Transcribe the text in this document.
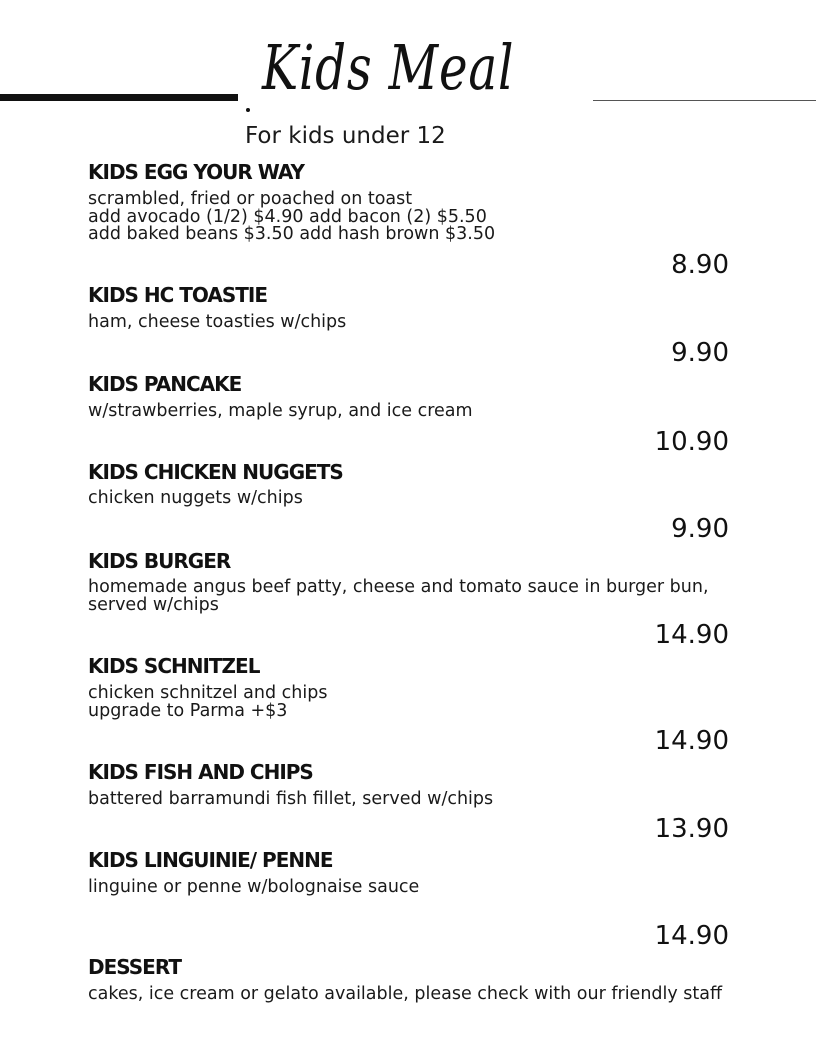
Kids Meal
For kids under 12
KIDS EGG YOUR WAY
scrambled, fried or poached on toast
add avocado (1/2) $4.90 add bacon (2) $5.50
add baked beans $3.50 add hash brown $3.50
8.90
KIDS HC TOASTIE
ham, cheese toasties w/chips
9.90
KIDS PANCAKE
w/strawberries, maple syrup, and ice cream
10.90
KIDS CHICKEN NUGGETS
chicken nuggets w/chips
9.90
KIDS BURGER
homemade angus beef patty, cheese and tomato sauce in burger bun,
served w/chips
14.90
KIDS SCHNITZEL
chicken schnitzel and chips
upgrade to Parma +$3
14.90
KIDS FISH AND CHIPS
battered barramundi fish fillet, served w/chips
13.90
KIDS LINGUINIE/ PENNE
linguine or penne w/bolognaise sauce
14.90
DESSERT
cakes, ice cream or gelato available, please check with our friendly staff
